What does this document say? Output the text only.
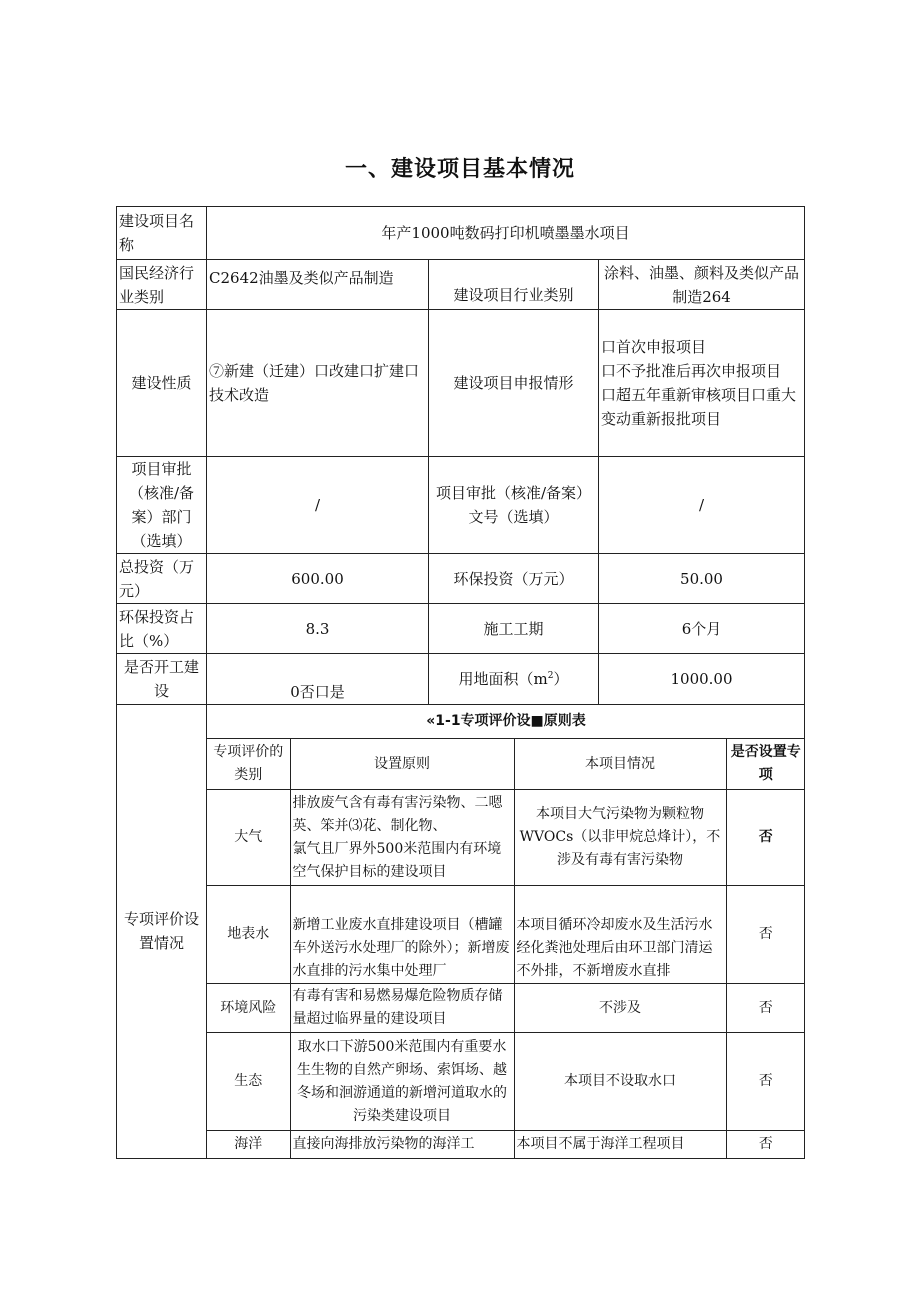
一、建设项目基本情况
建设项目名称	年产1000吨数码打印机喷墨墨水项目
国民经济行业类别	C2642油墨及类似产品制造	建设项目行业类别	涂料、油墨、颜料及类似产品制造264
建设性质	⑦新建（迁建）口改建口扩建口技术改造	建设项目申报情形	口首次申报项目
口不予批准后再次申报项目
口超五年重新审核项目口重大变动重新报批项目
项目审批（核准/备案）部门（选填）	/	项目审批（核准/备案）文号（选填）	/
总投资（万元）	600.00	环保投资（万元）	50.00
环保投资占比（%）	8.3	施工工期	6个月
是否开工建设	0否口是	用地面积$(m^2)$	1000.00
专项评价设置情况	
«1-1专项评价设■原则表
专项评价的类别	设置原则	本项目情况	是否设置专项
大气	排放废气含有毒有害污染物、二嗯英、笨并⑶花、制化物、
氯气且厂界外500米范围内有环境空气保护目标的建设项目	本项目大气污染物为颗粒物WVOCs（以非甲烷总烽计），不涉及有毒有害污染物	否
地表水	新增工业废水直排建设项目（槽罐车外送污水处理厂的除外）；新增废水直排的污水集中处理厂	本项目循环冷却废水及生活污水经化粪池处理后由环卫部门清运不外排，不新增废水直排	否
环境风险	有毒有害和易燃易爆危险物质存储量超过临界量的建设项目	不涉及	否
生态	取水口下游500米范围内有重要水生生物的自然产卵场、索饵场、越冬场和洄游通道的新增河道取水的污染类建设项目	本项目不设取水口	否
海洋	直接向海排放污染物的海洋工	本项目不属于海洋工程项目	否
